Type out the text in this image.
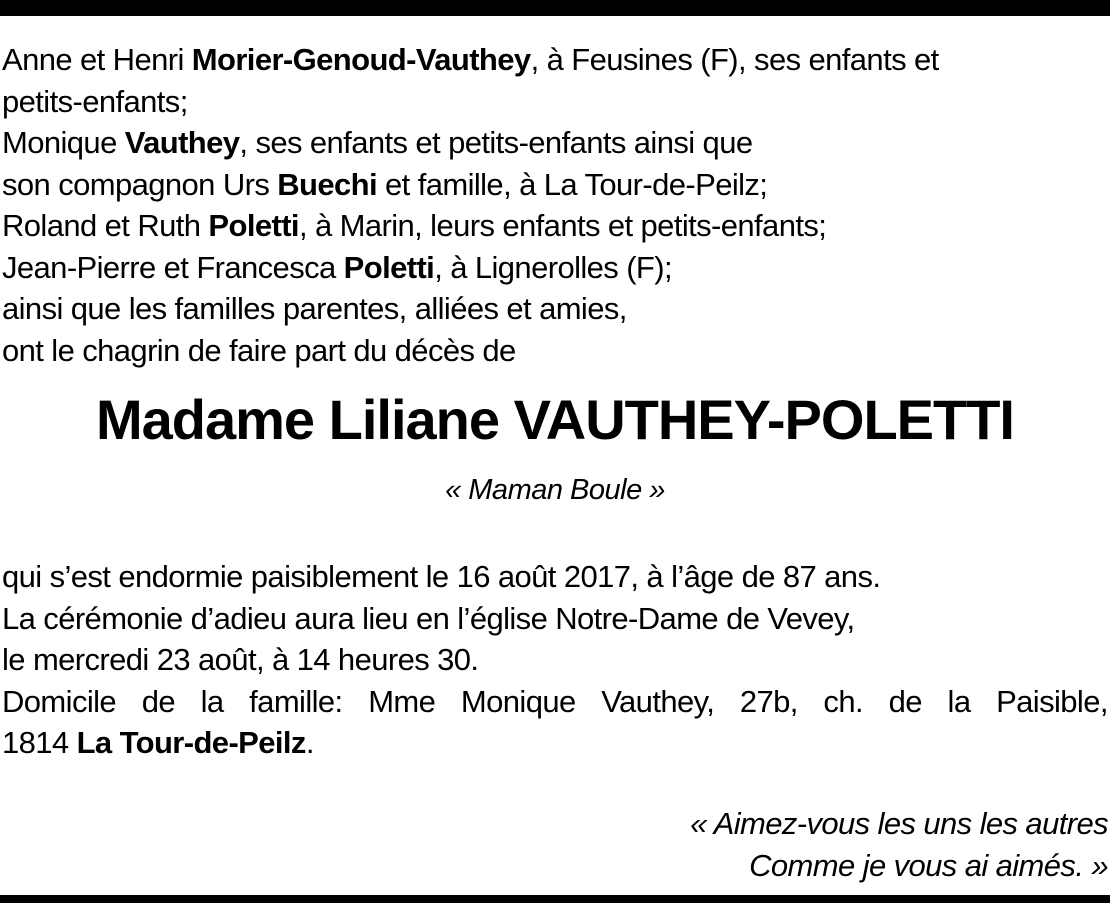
Anne et Henri Morier-Genoud-Vauthey, à Feusines (F), ses enfants et
petits-enfants;
Monique Vauthey, ses enfants et petits-enfants ainsi que
son compagnon Urs Buechi et famille, à La Tour-de-Peilz;
Roland et Ruth Poletti, à Marin, leurs enfants et petits-enfants;
Jean-Pierre et Francesca Poletti, à Lignerolles (F);
ainsi que les familles parentes, alliées et amies,
ont le chagrin de faire part du décès de
Madame Liliane VAUTHEY-POLETTI
« Maman Boule »
qui s’est endormie paisiblement le 16 août 2017, à l’âge de 87 ans.
La cérémonie d’adieu aura lieu en l’église Notre-Dame de Vevey,
le mercredi 23 août, à 14 heures 30.
Domicile de la famille: Mme Monique Vauthey, 27b, ch. de la Paisible,
1814 La Tour-de-Peilz.
« Aimez-vous les uns les autres
Comme je vous ai aimés. »
